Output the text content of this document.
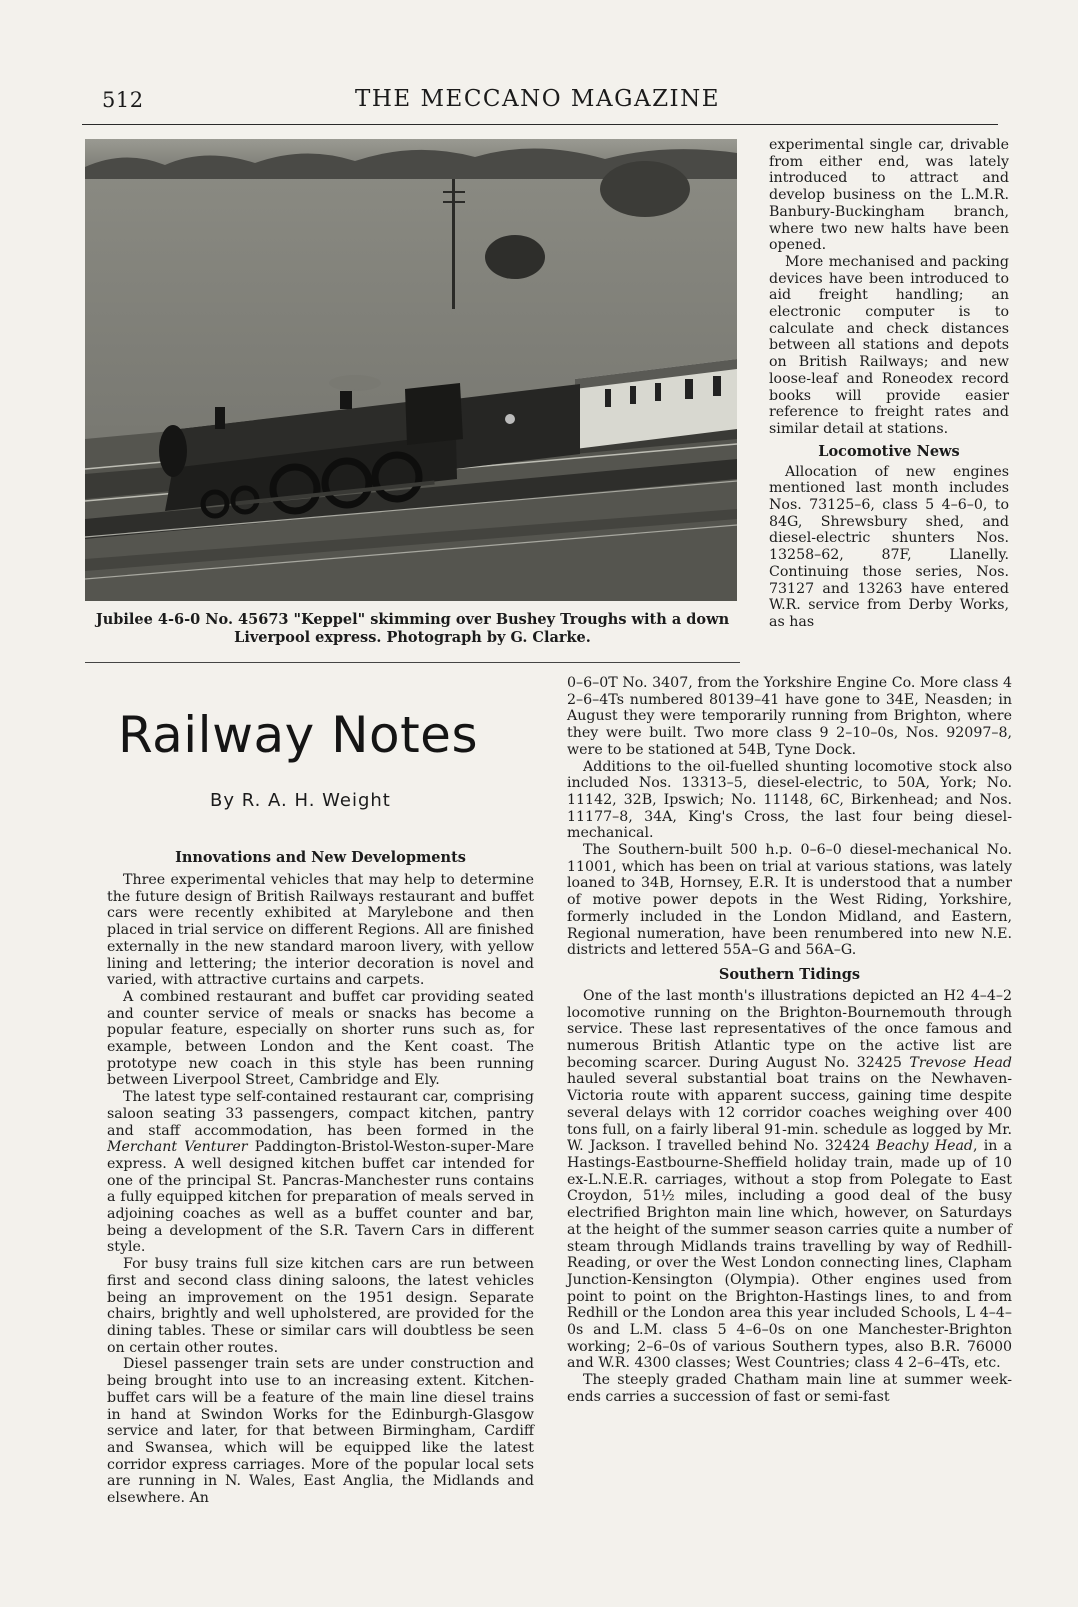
512	THE MECCANO MAGAZINE
Jubilee 4-6-0 No. 45673 "Keppel" skimming over Bushey Troughs with a down
Liverpool express. Photograph by G. Clarke.
Railway Notes
By R. A. H. Weight

experimental single car, drivable from either end, was lately introduced to attract and develop business on the L.M.R. Banbury-Buckingham branch, where two new halts have been opened.

More mechanised and packing devices have been introduced to aid freight handling; an electronic computer is to calculate and check distances between all stations and depots on British Railways; and new loose-leaf and Roneodex record books will provide easier reference to freight rates and similar detail at stations.

Locomotive News

Allocation of new engines mentioned last month includes Nos. 73125–6, class 5 4–6–0, to 84G, Shrewsbury shed, and diesel-electric shunters Nos. 13258–62, 87F, Llanelly. Continuing those series, Nos. 73127 and 13263 have entered W.R. service from Derby Works, as has

Innovations and New Developments

Three experimental vehicles that may help to determine the future design of British Railways restaurant and buffet cars were recently exhibited at Marylebone and then placed in trial service on different Regions. All are finished externally in the new standard maroon livery, with yellow lining and lettering; the interior decoration is novel and varied, with attractive curtains and carpets.

A combined restaurant and buffet car providing seated and counter service of meals or snacks has become a popular feature, especially on shorter runs such as, for example, between London and the Kent coast. The prototype new coach in this style has been running between Liverpool Street, Cambridge and Ely.

The latest type self-contained restaurant car, comprising saloon seating 33 passengers, compact kitchen, pantry and staff accommodation, has been formed in the Merchant Venturer Paddington-Bristol-Weston-super-Mare express. A well designed kitchen buffet car intended for one of the principal St. Pancras-Manchester runs contains a fully equipped kitchen for preparation of meals served in adjoining coaches as well as a buffet counter and bar, being a development of the S.R. Tavern Cars in different style.

For busy trains full size kitchen cars are run between first and second class dining saloons, the latest vehicles being an improvement on the 1951 design. Separate chairs, brightly and well upholstered, are provided for the dining tables. These or similar cars will doubtless be seen on certain other routes.

Diesel passenger train sets are under construction and being brought into use to an increasing extent. Kitchen-buffet cars will be a feature of the main line diesel trains in hand at Swindon Works for the Edinburgh-Glasgow service and later, for that between Birmingham, Cardiff and Swansea, which will be equipped like the latest corridor express carriages. More of the popular local sets are running in N. Wales, East Anglia, the Midlands and elsewhere. An

0–6–0T No. 3407, from the Yorkshire Engine Co. More class 4 2–6–4Ts numbered 80139–41 have gone to 34E, Neasden; in August they were temporarily running from Brighton, where they were built. Two more class 9 2–10–0s, Nos. 92097–8, were to be stationed at 54B, Tyne Dock.

Additions to the oil-fuelled shunting locomotive stock also included Nos. 13313–5, diesel-electric, to 50A, York; No. 11142, 32B, Ipswich; No. 11148, 6C, Birkenhead; and Nos. 11177–8, 34A, King's Cross, the last four being diesel-mechanical.

The Southern-built 500 h.p. 0–6–0 diesel-mechanical No. 11001, which has been on trial at various stations, was lately loaned to 34B, Hornsey, E.R. It is understood that a number of motive power depots in the West Riding, Yorkshire, formerly included in the London Midland, and Eastern, Regional numeration, have been renumbered into new N.E. districts and lettered 55A–G and 56A–G.

Southern Tidings

One of the last month's illustrations depicted an H2 4–4–2 locomotive running on the Brighton-Bournemouth through service. These last representatives of the once famous and numerous British Atlantic type on the active list are becoming scarcer. During August No. 32425 Trevose Head hauled several substantial boat trains on the Newhaven-Victoria route with apparent success, gaining time despite several delays with 12 corridor coaches weighing over 400 tons full, on a fairly liberal 91-min. schedule as logged by Mr. W. Jackson. I travelled behind No. 32424 Beachy Head, in a Hastings-Eastbourne-Sheffield holiday train, made up of 10 ex-L.N.E.R. carriages, without a stop from Polegate to East Croydon, 51½ miles, including a good deal of the busy electrified Brighton main line which, however, on Saturdays at the height of the summer season carries quite a number of steam through Midlands trains travelling by way of Redhill-Reading, or over the West London connecting lines, Clapham Junction-Kensington (Olympia). Other engines used from point to point on the Brighton-Hastings lines, to and from Redhill or the London area this year included Schools, L 4–4–0s and L.M. class 5 4–6–0s on one Manchester-Brighton working; 2–6–0s of various Southern types, also B.R. 76000 and W.R. 4300 classes; West Countries; class 4 2–6–4Ts, etc.

The steeply graded Chatham main line at summer week-ends carries a succession of fast or semi-fast
